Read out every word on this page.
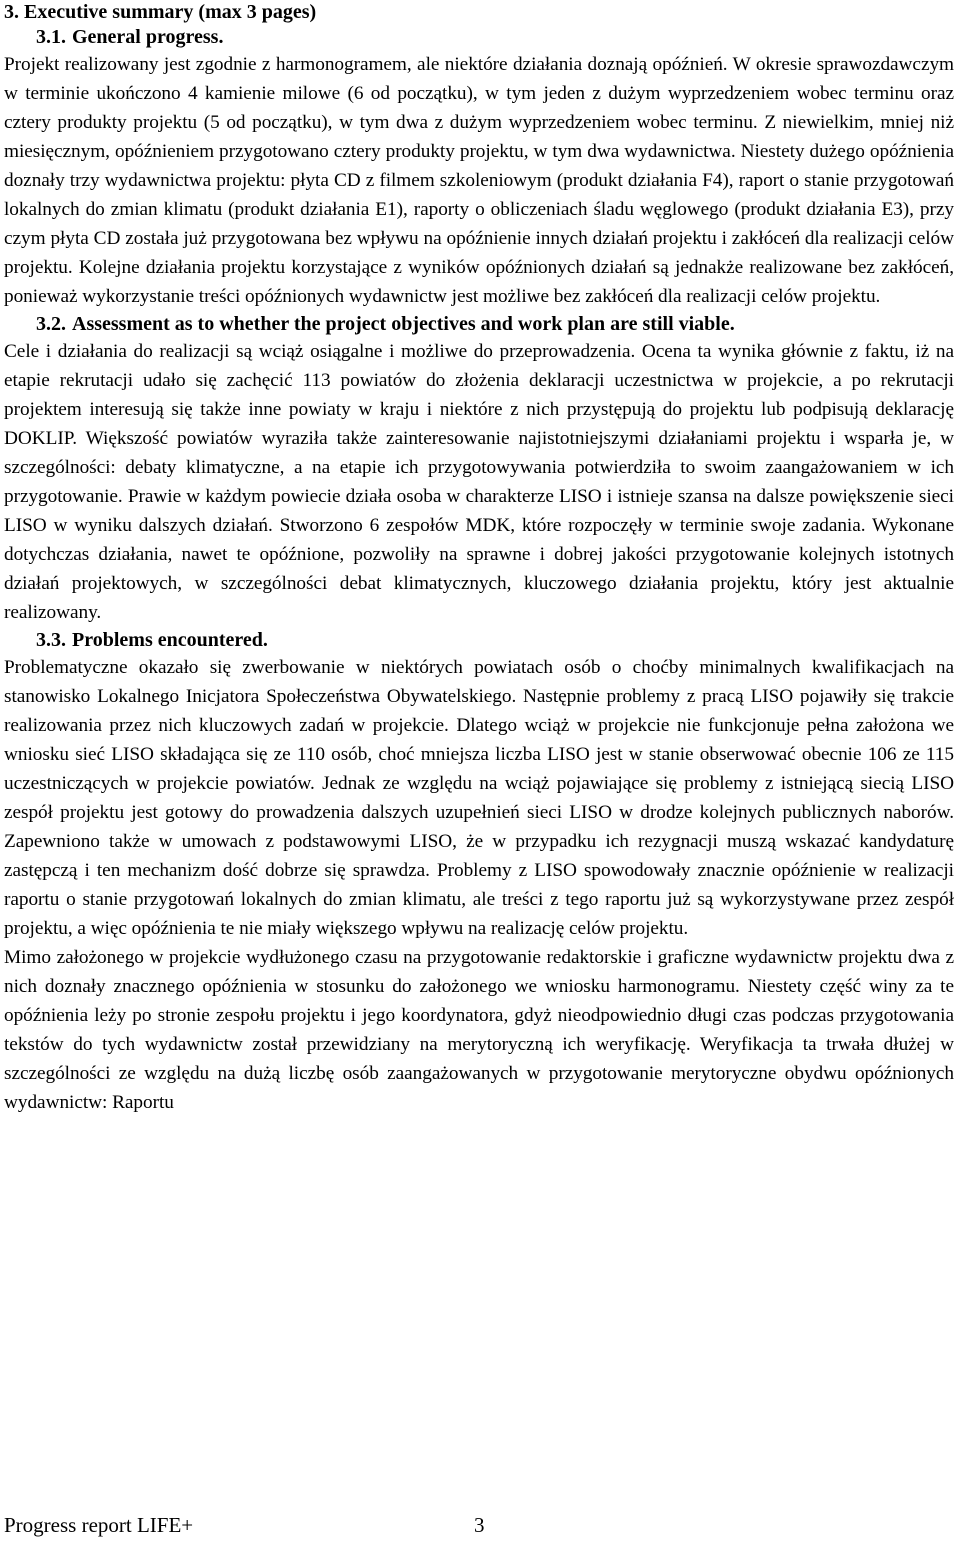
3. Executive summary (max 3 pages)
3.1. General progress.

Projekt realizowany jest zgodnie z harmonogramem, ale niektóre działania doznają opóźnień. W okresie sprawozdawczym w terminie ukończono 4 kamienie milowe (6 od początku), w tym jeden z dużym wyprzedzeniem wobec terminu oraz cztery produkty projektu (5 od początku), w tym dwa z dużym wyprzedzeniem wobec terminu. Z niewielkim, mniej niż miesięcznym, opóźnieniem przygotowano cztery produkty projektu, w tym dwa wydawnictwa. Niestety dużego opóźnienia doznały trzy wydawnictwa projektu: płyta CD z filmem szkoleniowym (produkt działania F4), raport o stanie przygotowań lokalnych do zmian klimatu (produkt działania E1), raporty o obliczeniach śladu węglowego (produkt działania E3), przy czym płyta CD została już przygotowana bez wpływu na opóźnienie innych działań projektu i zakłóceń dla realizacji celów projektu. Kolejne działania projektu korzystające z wyników opóźnionych działań są jednakże realizowane bez zakłóceń, ponieważ wykorzystanie treści opóźnionych wydawnictw jest możliwe bez zakłóceń dla realizacji celów projektu.

3.2. Assessment as to whether the project objectives and work plan are still viable.

Cele i działania do realizacji są wciąż osiągalne i możliwe do przeprowadzenia. Ocena ta wynika głównie z faktu, iż na etapie rekrutacji udało się zachęcić 113 powiatów do złożenia deklaracji uczestnictwa w projekcie, a po rekrutacji projektem interesują się także inne powiaty w kraju i niektóre z nich przystępują do projektu lub podpisują deklarację DOKLIP. Większość powiatów wyraziła także zainteresowanie najistotniejszymi działaniami projektu i wsparła je, w szczególności: debaty klimatyczne, a na etapie ich przygotowywania potwierdziła to swoim zaangażowaniem w ich przygotowanie. Prawie w każdym powiecie działa osoba w charakterze LISO i istnieje szansa na dalsze powiększenie sieci LISO w wyniku dalszych działań. Stworzono 6 zespołów MDK, które rozpoczęły w terminie swoje zadania. Wykonane dotychczas działania, nawet te opóźnione, pozwoliły na sprawne i dobrej jakości przygotowanie kolejnych istotnych działań projektowych, w szczególności debat klimatycznych, kluczowego działania projektu, który jest aktualnie realizowany.

3.3. Problems encountered.

Problematyczne okazało się zwerbowanie w niektórych powiatach osób o choćby minimalnych kwalifikacjach na stanowisko Lokalnego Inicjatora Społeczeństwa Obywatelskiego. Następnie problemy z pracą LISO pojawiły się trakcie realizowania przez nich kluczowych zadań w projekcie. Dlatego wciąż w projekcie nie funkcjonuje pełna założona we wniosku sieć LISO składająca się ze 110 osób, choć mniejsza liczba LISO jest w stanie obserwować obecnie 106 ze 115 uczestniczących w projekcie powiatów. Jednak ze względu na wciąż pojawiające się problemy z istniejącą siecią LISO zespół projektu jest gotowy do prowadzenia dalszych uzupełnień sieci LISO w drodze kolejnych publicznych naborów. Zapewniono także w umowach z podstawowymi LISO, że w przypadku ich rezygnacji muszą wskazać kandydaturę zastępczą i ten mechanizm dość dobrze się sprawdza. Problemy z LISO spowodowały znacznie opóźnienie w realizacji raportu o stanie przygotowań lokalnych do zmian klimatu, ale treści z tego raportu już są wykorzystywane przez zespół projektu, a więc opóźnienia te nie miały większego wpływu na realizację celów projektu.

Mimo założonego w projekcie wydłużonego czasu na przygotowanie redaktorskie i graficzne wydawnictw projektu dwa z nich doznały znacznego opóźnienia w stosunku do założonego we wniosku harmonogramu. Niestety część winy za te opóźnienia leży po stronie zespołu projektu i jego koordynatora, gdyż nieodpowiednio długi czas podczas przygotowania tekstów do tych wydawnictw został przewidziany na merytoryczną ich weryfikację. Weryfikacja ta trwała dłużej w szczególności ze względu na dużą liczbę osób zaangażowanych w przygotowanie merytoryczne obydwu opóźnionych wydawnictw: Raportu

Progress report LIFE+	3
